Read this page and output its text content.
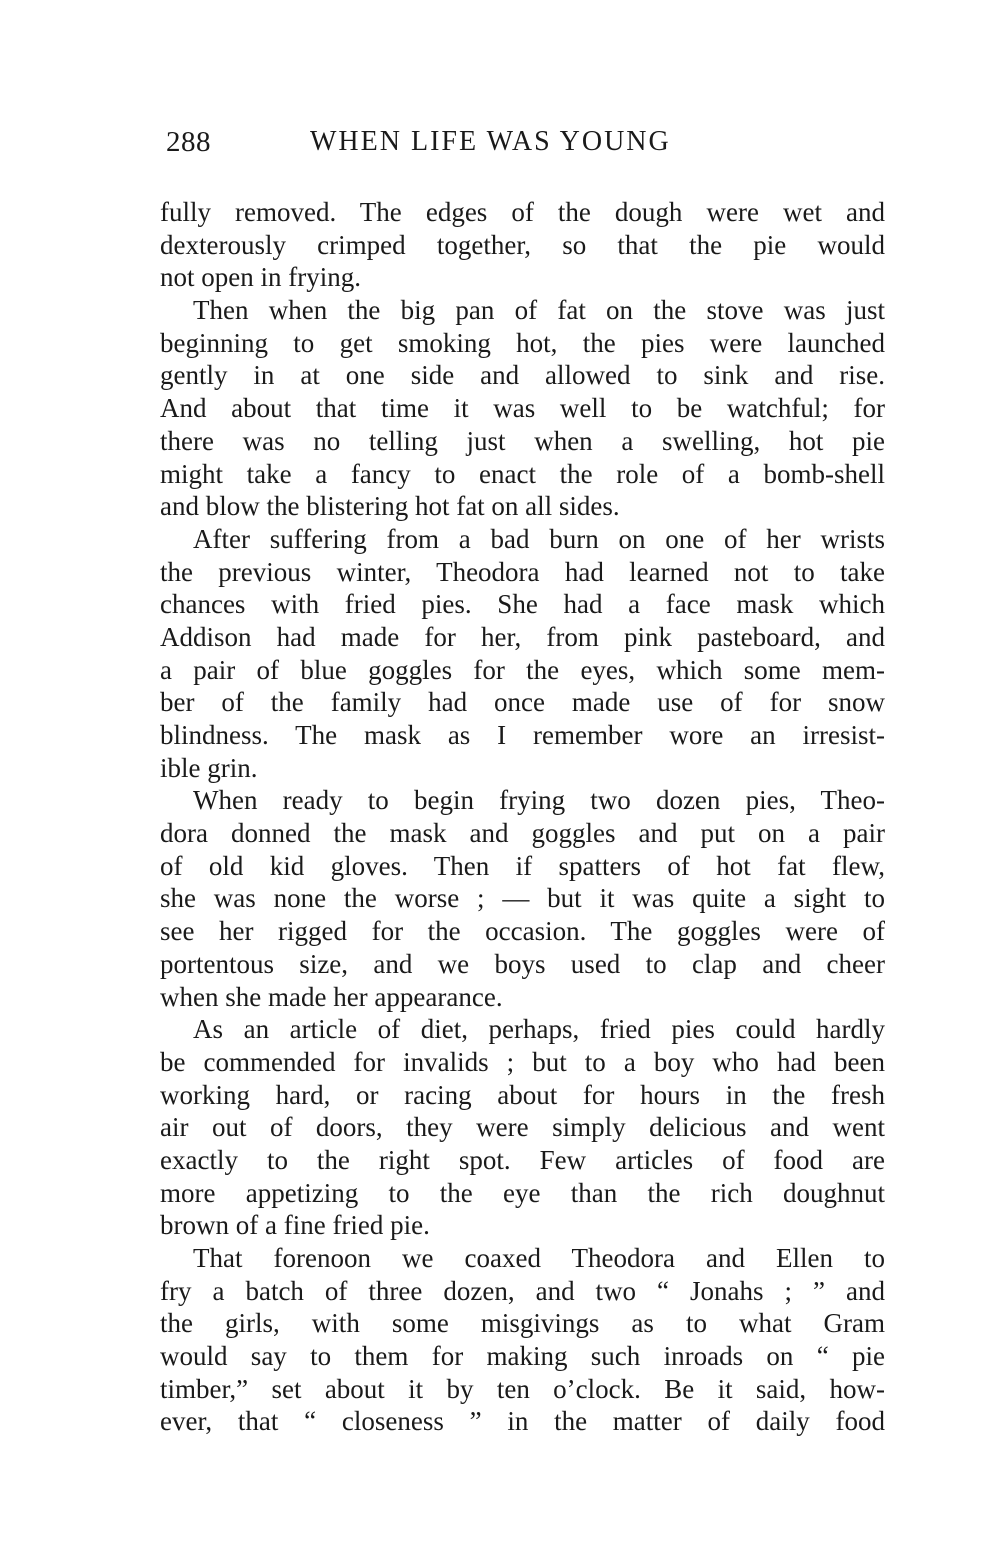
288	WHEN LIFE WAS YOUNG
fully removed. The edges of the dough were wet and
dexterously crimped together, so that the pie would
not open in frying.
Then when the big pan of fat on the stove was just
beginning to get smoking hot, the pies were launched
gently in at one side and allowed to sink and rise.
And about that time it was well to be watchful; for
there was no telling just when a swelling, hot pie
might take a fancy to enact the role of a bomb-shell
and blow the blistering hot fat on all sides.
After suffering from a bad burn on one of her wrists
the previous winter, Theodora had learned not to take
chances with fried pies. She had a face mask which
Addison had made for her, from pink pasteboard, and
a pair of blue goggles for the eyes, which some mem-
ber of the family had once made use of for snow
blindness. The mask as I remember wore an irresist-
ible grin.
When ready to begin frying two dozen pies, Theo-
dora donned the mask and goggles and put on a pair
of old kid gloves. Then if spatters of hot fat flew,
she was none the worse ; — but it was quite a sight to
see her rigged for the occasion. The goggles were of
portentous size, and we boys used to clap and cheer
when she made her appearance.
As an article of diet, perhaps, fried pies could hardly
be commended for invalids ; but to a boy who had been
working hard, or racing about for hours in the fresh
air out of doors, they were simply delicious and went
exactly to the right spot. Few articles of food are
more appetizing to the eye than the rich doughnut
brown of a fine fried pie.
That forenoon we coaxed Theodora and Ellen to
fry a batch of three dozen, and two “ Jonahs ; ” and
the girls, with some misgivings as to what Gram
would say to them for making such inroads on “ pie
timber,” set about it by ten o’clock. Be it said, how-
ever, that “ closeness ” in the matter of daily food
